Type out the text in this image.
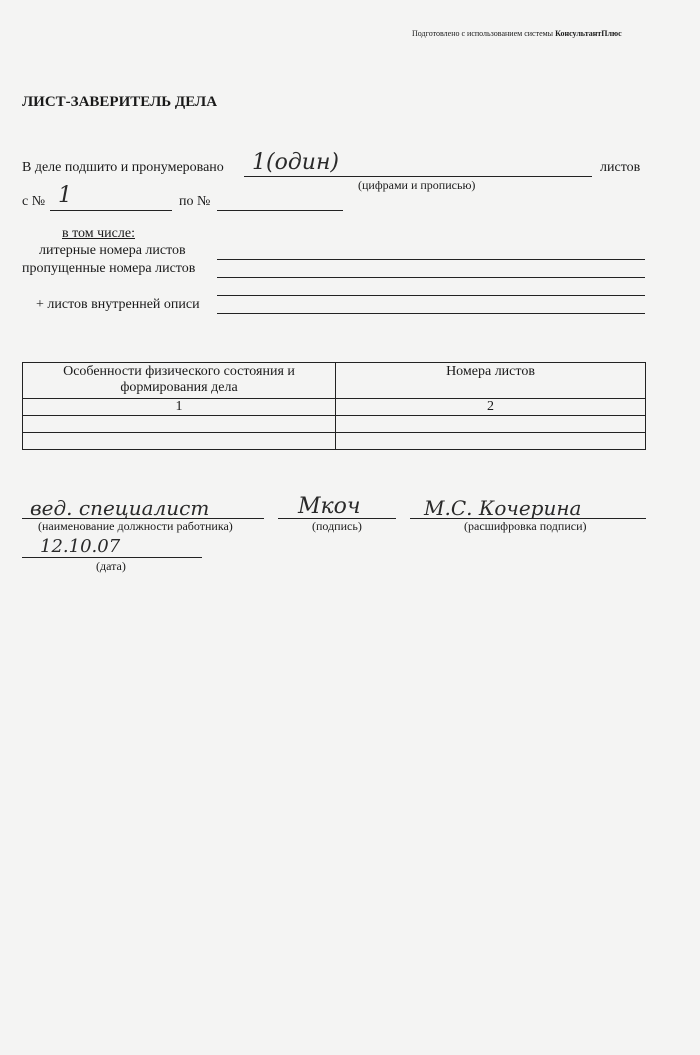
Подготовлено с использованием системы КонсультантПлюс
ЛИСТ-ЗАВЕРИТЕЛЬ ДЕЛА
В деле подшито и пронумеровано 1(один)	листов
(цифрами и прописью)
с № 1	по №
в том числе:
литерные номера листов
пропущенные номера листов
+ листов внутренней описи
Особенности физического состояния и формирования дела	Номера листов
1	2

вед. специалист
(наименование должности работника)
Мкоч
(подпись)
М.С. Кочерина
(расшифровка подписи)
12.10.07
(дата)
